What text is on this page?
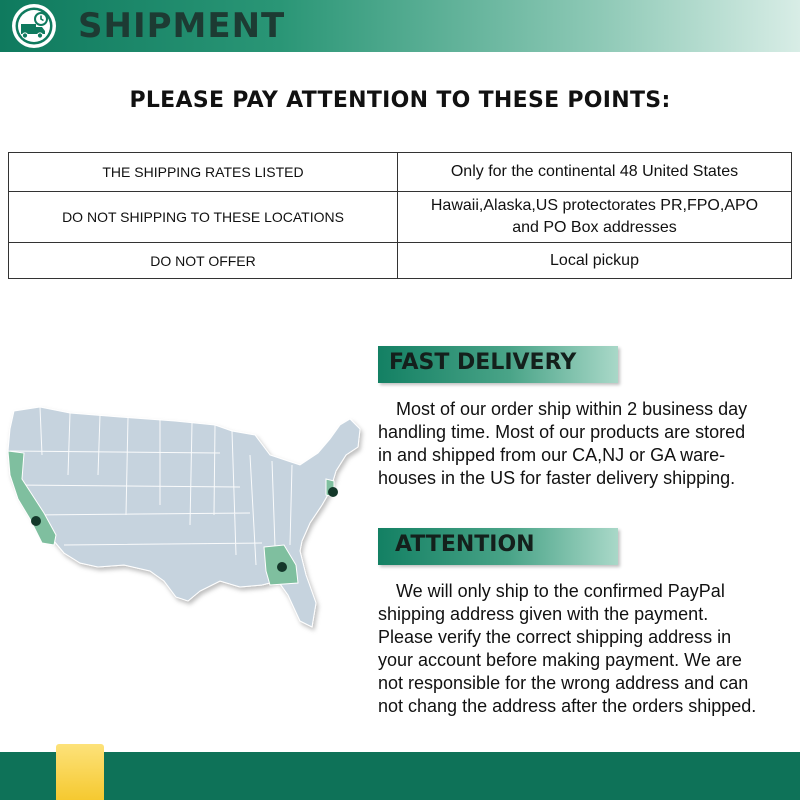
SHIPMENT
PLEASE PAY ATTENTION TO THESE POINTS:
THE SHIPPING RATES LISTED	Only for the continental 48 United States

DO NOT SHIPPING TO THESE LOCATIONS	Hawaii,Alaska,US protectorates PR,FPO,APO
and PO Box addresses

DO NOT OFFER	Local pickup
FAST DELIVERY
 Most of our order ship within 2 business day
handling time. Most of our products are stored
in and shipped from our CA,NJ or GA ware-
houses in the US for faster delivery shipping.
ATTENTION
 We will only ship to the confirmed PayPal
shipping address given with the payment.
Please verify the correct shipping address in
your account before making payment. We are
not responsible for the wrong address and can
not chang the address after the orders shipped.
